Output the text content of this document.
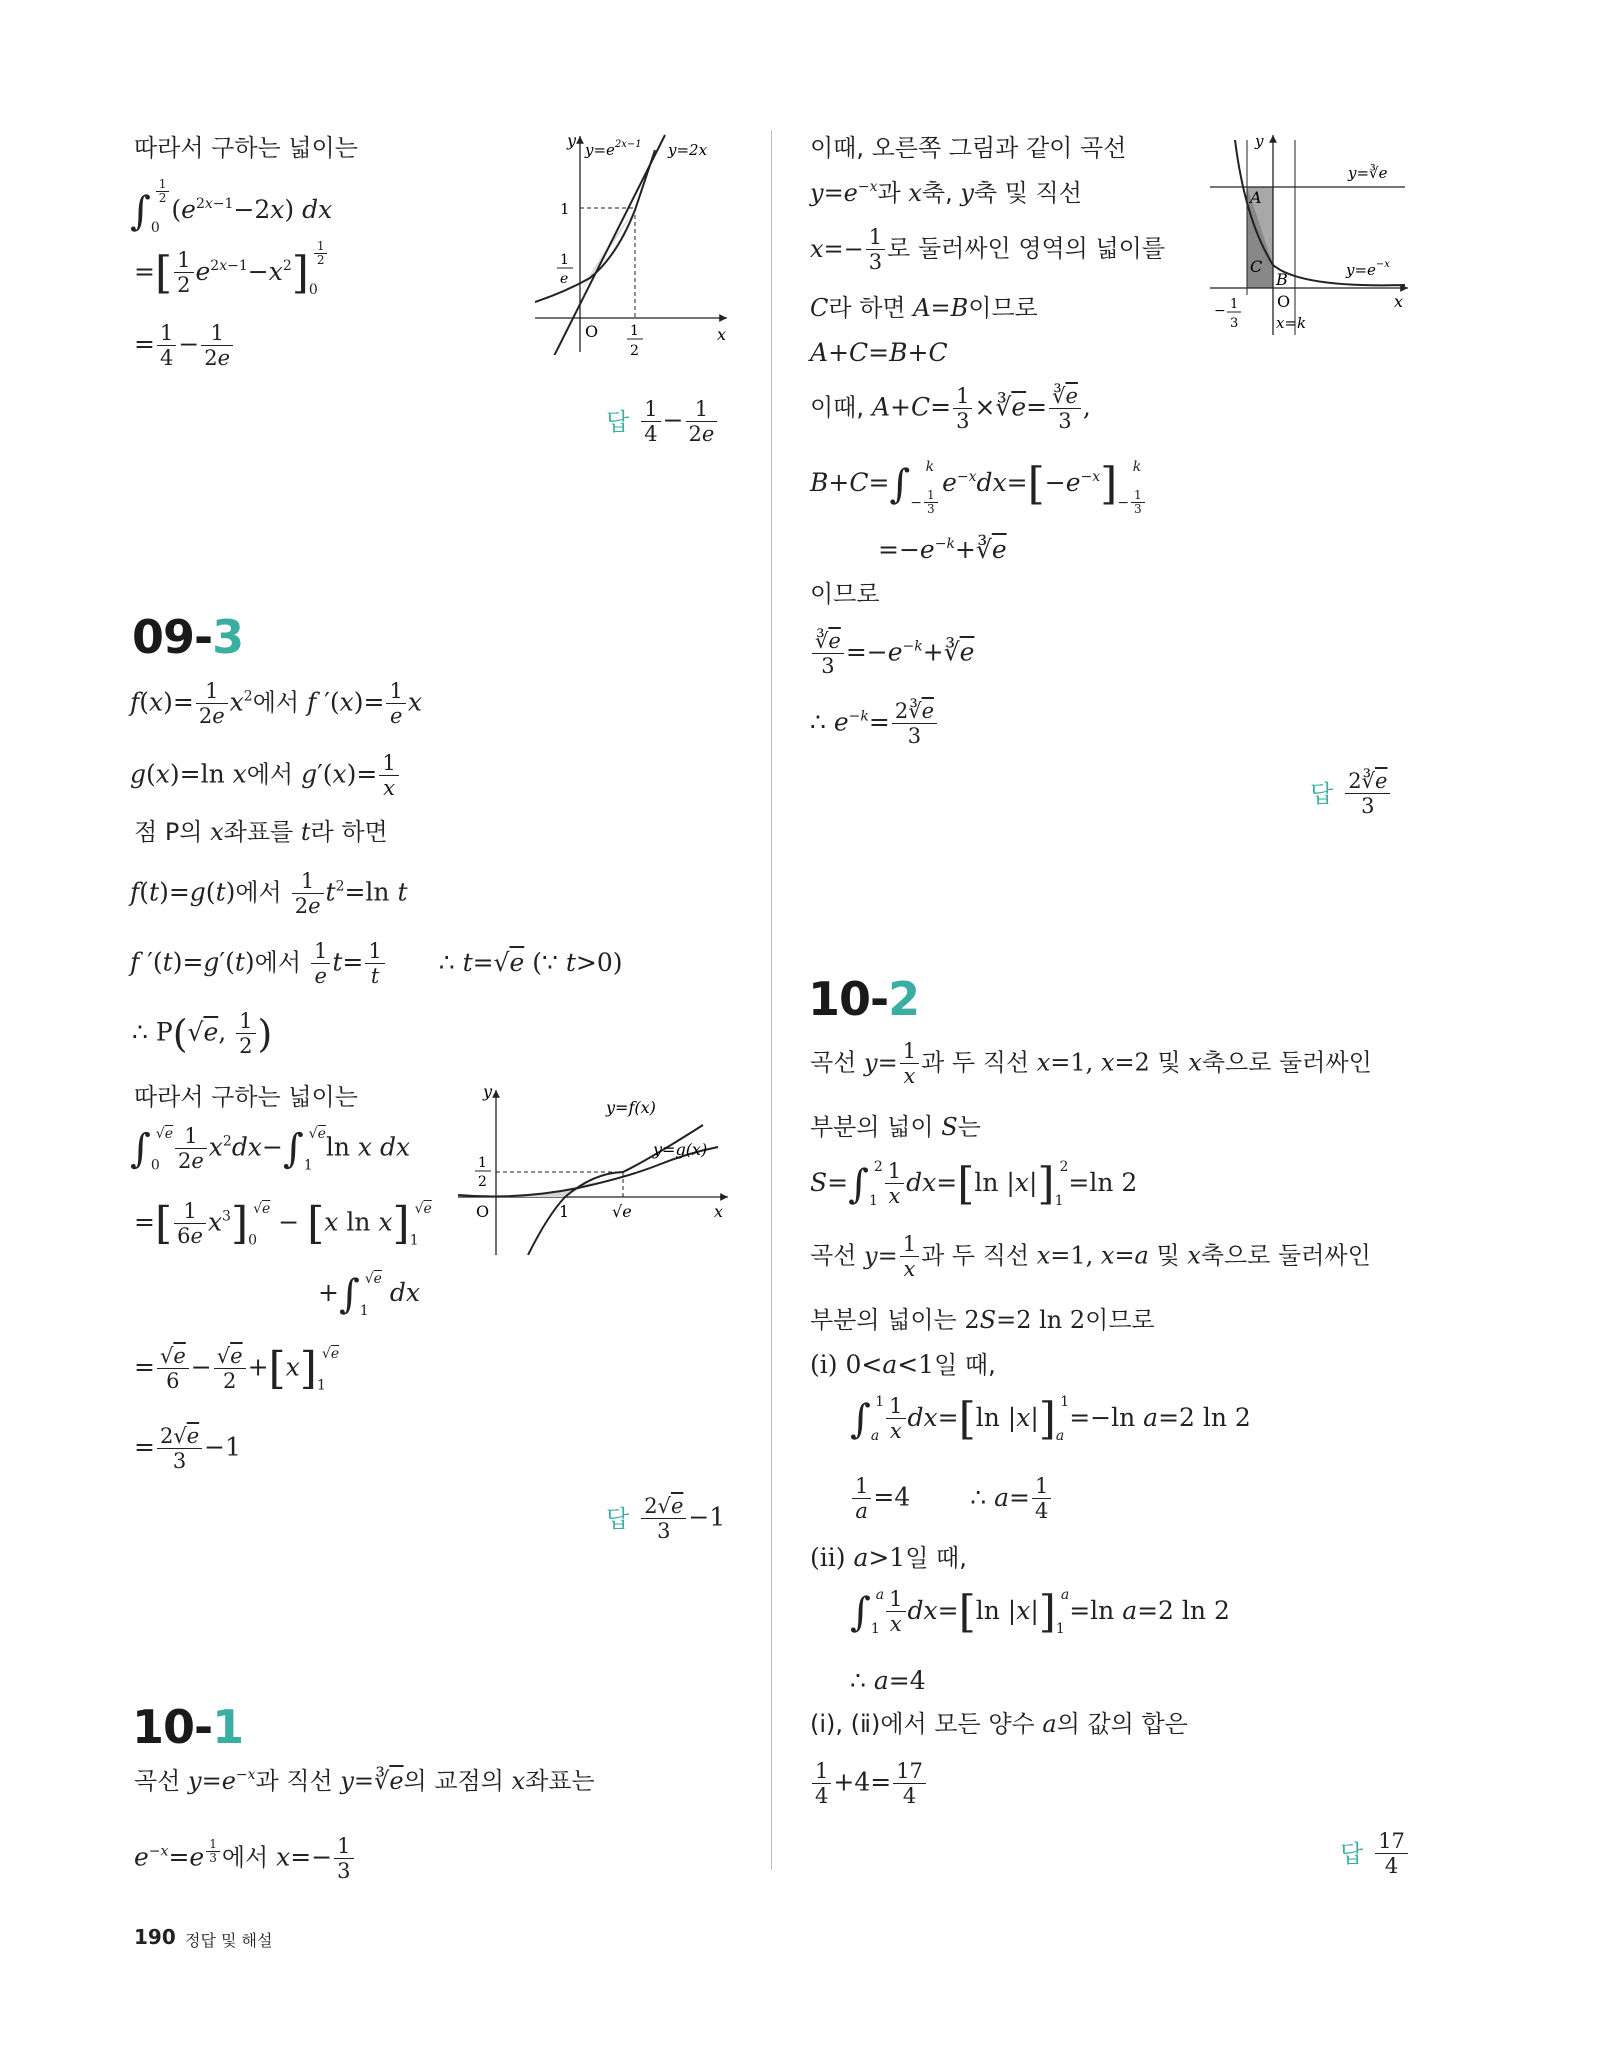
따라서 구하는 넓이는
$\int_0$
$^{\frac{1}{2}}$
$(e^{2x-1}-2x)$ dx
=[ $\frac{1}{2} e^{2x-1}-x^2]_0$
$^{\frac{1}{2}}$
= $\frac{1}{4} - \frac{1}{2e}$
y
x
O
$y=e^{2x-1}$ y=2x
1
1
e
1
2
답 $\frac{1}{4} - \frac{1}{2e}$
09-3
$f(x)= \frac{1}{2e} x^2$에서 f $'(x)= \frac{1}{e}$ x
g(x)=ln x에서 $g'(x)= \frac{1}{x}$
점 P의 x좌표를 t라 하면
f(t)=g(t)에서 $\frac{1}{2e} t^2=\ln$ t
f ′(t)=g′(t)에서 $\frac{1}{e} t= \frac{1}{t}$ ∴ t=√e (∵ t>0)
∴ P(√e, $\frac{1}{2}$ )
따라서 구하는 넓이는
$\int_0^{√e} \frac{1}{2e} x^2dx-\int_1^{√e}\ln$ x dx
=[ $\frac{1}{6e} x^3]_0^{√e} - [x$ $\ln x]_1^{√e}$
$+\int_1^{√e}$ dx
= $\frac{√e}{6} - \frac{√e}{2} +[x]_1^{√e}$
= $\frac{2√e}{3} -1$
y
x
O
y=f(x)
y=g(x)
1
2
1	√e
답 $\frac{2√e}{3} -1$
10-1
곡선 $y=e^{-x}$과 직선 $y=∛\overline{e}$의 교점의 x좌표는
$e^{-x}=e$ $^{\frac{1}{3}}$ 에서 $x=- \frac{1}{3}$
이때, 오른쪽 그림과 같이 곡선
$y=e^{-x}$과 x축, y축 및 직선
$x=- \frac{1}{3}$ 로 둘러싸인 영역의 넓이를
C라 하면 A=B이므로
A+C=B+C
이때, $A+C= \frac{1}{3}$ $\times∛\overline{e}= \frac{∛\overline{e}}{3}$ ,
$B+C=\int_{- \frac{1}{3}}$
$^k$ $e^{-x}dx=[-e^{-x}]_{- \frac{1}{3}}$
$^k$
$=-e^{-k}+∛\overline{e}$
이므로
$\frac{∛\overline{e}}{3}$ $=-e^{-k}+∛\overline{e}$
∴ $e^{-k}= \frac{2∛\overline{e}}{3}$
y
x
O
y=∛e
$y=e^{-x}$
A
B
C
− 1
3	x=k
답 $\frac{2∛\overline{e}}{3}$
10-2
곡선 $y= \frac{1}{x}$ 과 두 직선 x=1, x=2 및 x축으로 둘러싸인
부분의 넓이 S는
$S=\int_1^2 \frac{1}{x} dx=[\ln$ $|x|]_1^2=\ln$ 2
곡선 $y= \frac{1}{x}$ 과 두 직선 x=1, x=a 및 x축으로 둘러싸인
부분의 넓이는 2S=2 ln 2이므로
(ⅰ) 0<a<1일 때,
$\int_a^1 \frac{1}{x} dx=[\ln$ $|x|]_a^1=-\ln$ a=2 ln 2
$\frac{1}{a} =4$ ∴ $a= \frac{1}{4}$
(ⅱ) a>1일 때,
$\int_1^a \frac{1}{x} dx=[\ln$ $|x|]_1^a=\ln$ a=2 ln 2
∴ a=4
(ⅰ), (ⅱ)에서 모든 양수 a의 값의 합은
$\frac{1}{4} +4= \frac{17}{4}$
답 $\frac{17}{4}$
190 정답 및 해설
